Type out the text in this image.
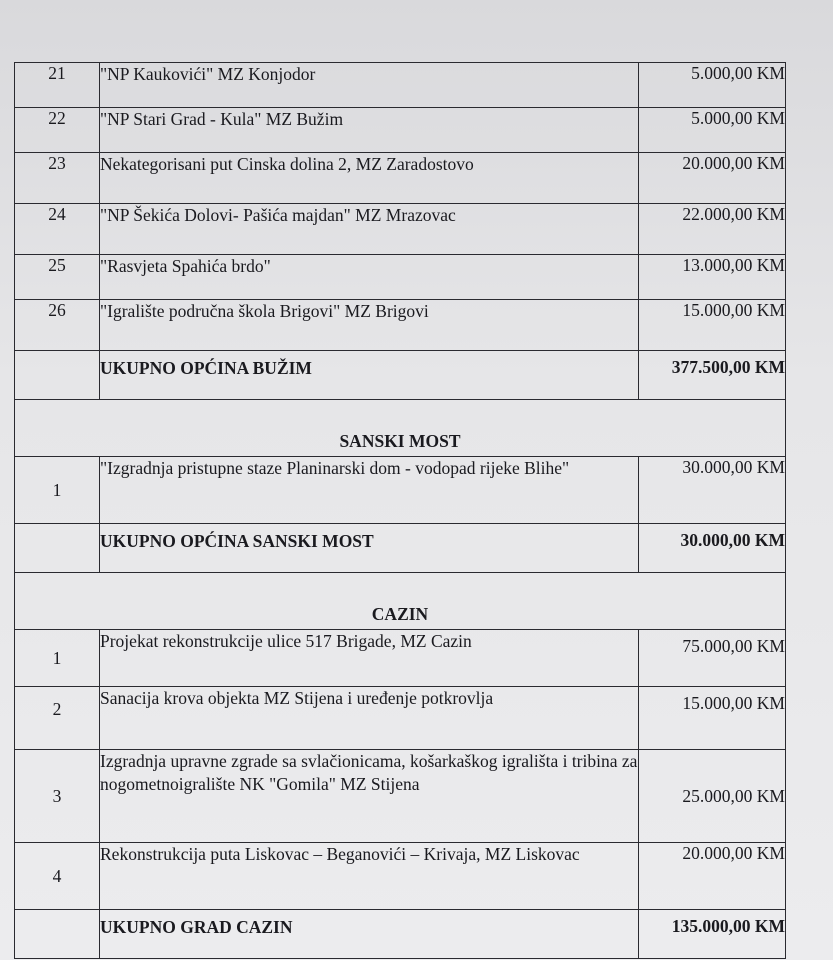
21	"NP Kaukovići" MZ Konjodor	5.000,00 KM
22	"NP Stari Grad - Kula" MZ Bužim	5.000,00 KM
23	Nekategorisani put Cinska dolina 2, MZ Zaradostovo	20.000,00 KM
24	"NP Šekića Dolovi- Pašića majdan" MZ Mrazovac	22.000,00 KM
25	"Rasvjeta Spahića brdo"	13.000,00 KM
26	"Igralište područna škola Brigovi" MZ Brigovi	15.000,00 KM
	UKUPNO OPĆINA BUŽIM	377.500,00 KM
SANSKI MOST		
1	"Izgradnja pristupne staze Planinarski dom - vodopad rijeke Blihe"	30.000,00 KM
	UKUPNO OPĆINA SANSKI MOST	30.000,00 KM
CAZIN		
1	Projekat rekonstrukcije ulice 517 Brigade, MZ Cazin	75.000,00 KM
2	Sanacija krova objekta MZ Stijena i uređenje potkrovlja	15.000,00 KM
3	Izgradnja upravne zgrade sa svlačionicama, košarkaškog igrališta i tribina za nogometnoigralište NK "Gomila" MZ Stijena	25.000,00 KM
4	Rekonstrukcija puta Liskovac – Beganovići – Krivaja, MZ Liskovac	20.000,00 KM
	UKUPNO GRAD CAZIN	135.000,00 KM
